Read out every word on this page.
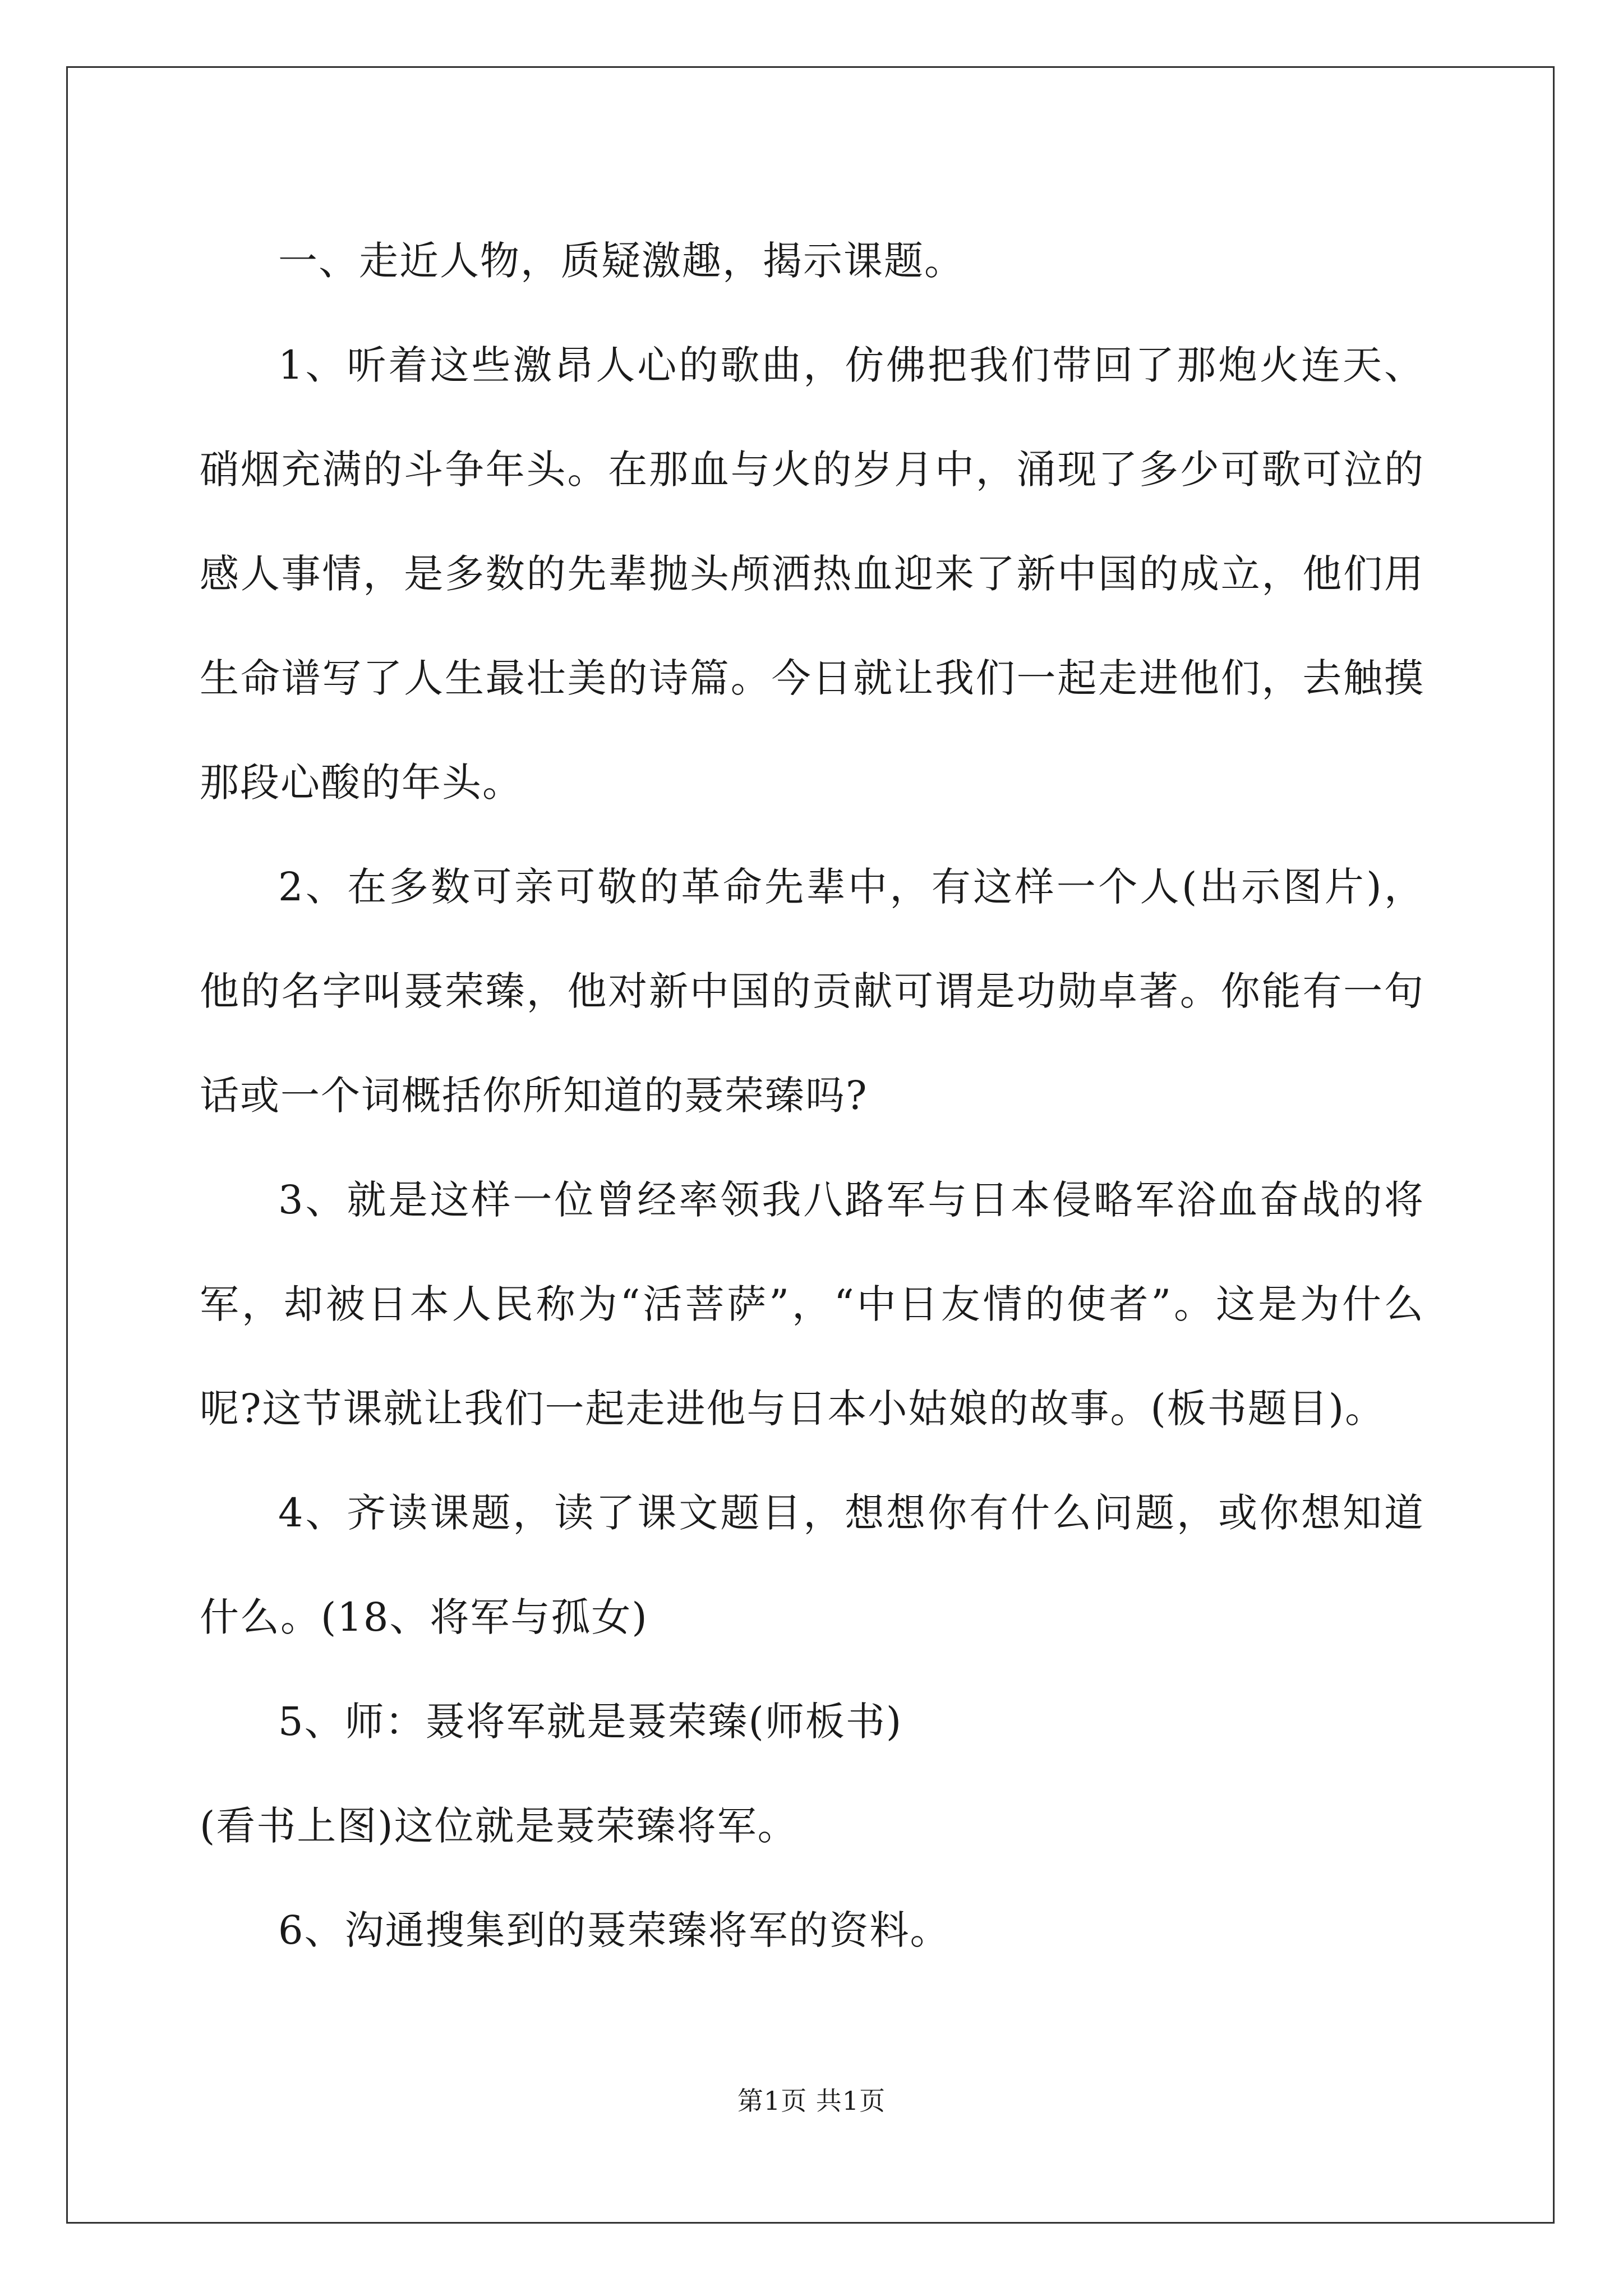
一、走近人物，质疑激趣，揭示课题。

1、听着这些激昂人心的歌曲，仿佛把我们带回了那炮火连天、硝烟充满的斗争年头。在那血与火的岁月中，涌现了多少可歌可泣的感人事情，是多数的先辈抛头颅洒热血迎来了新中国的成立，他们用生命谱写了人生最壮美的诗篇。今日就让我们一起走进他们，去触摸那段心酸的年头。

2、在多数可亲可敬的革命先辈中，有这样一个人(出示图片)，他的名字叫聂荣臻，他对新中国的贡献可谓是功勋卓著。你能有一句话或一个词概括你所知道的聂荣臻吗?

3、就是这样一位曾经率领我八路军与日本侵略军浴血奋战的将军，却被日本人民称为“活菩萨”，“中日友情的使者”。这是为什么呢?这节课就让我们一起走进他与日本小姑娘的故事。(板书题目)。

4、齐读课题，读了课文题目，想想你有什么问题，或你想知道什么。(18、将军与孤女)

5、师：聂将军就是聂荣臻(师板书)

(看书上图)这位就是聂荣臻将军。

6、沟通搜集到的聂荣臻将军的资料。

第1页 共1页
